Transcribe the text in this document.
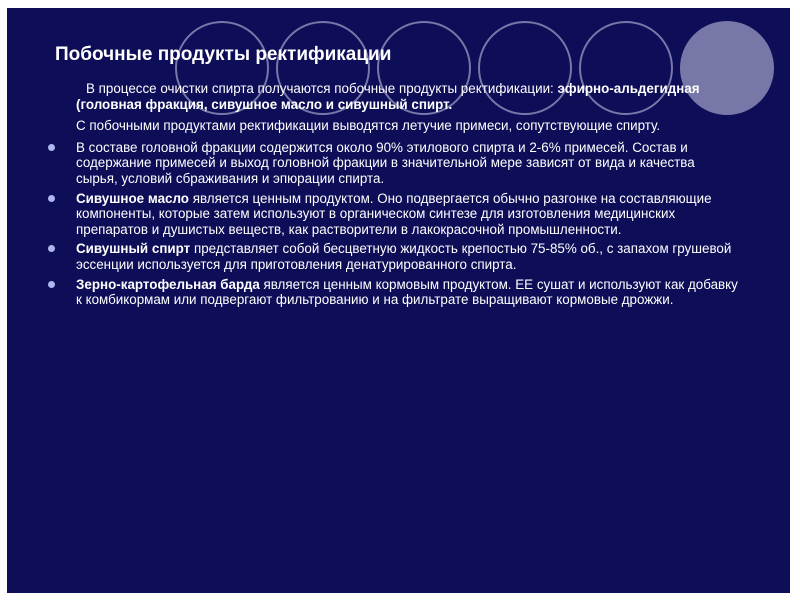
Побочные продукты ректификации
В процессе очистки спирта получаются побочные продукты ректификации: эфирно-альдегидная (головная фракция, сивушное масло и сивушный спирт.
С побочными продуктами ректификации выводятся летучие примеси, сопутствующие спирту.
В составе головной фракции содержится около 90% этилового спирта и 2-6% примесей. Состав и содержание примесей и выход головной фракции в значительной мере зависят от вида и качества сырья, условий сбраживания и эпюрации спирта.
Сивушное масло является ценным продуктом. Оно подвергается обычно разгонке на составляющие компоненты, которые затем используют в органическом синтезе для изготовления медицинских препаратов и душистых веществ, как растворители в лакокрасочной промышленности.
Сивушный спирт представляет собой бесцветную жидкость крепостью 75-85% об., с запахом грушевой эссенции используется для приготовления денатурированного спирта.
Зерно-картофельная барда является ценным кормовым продуктом. ЕЕ сушат и используют как добавку к комбикормам или подвергают фильтрованию и на фильтрате выращивают кормовые дрожжи.
